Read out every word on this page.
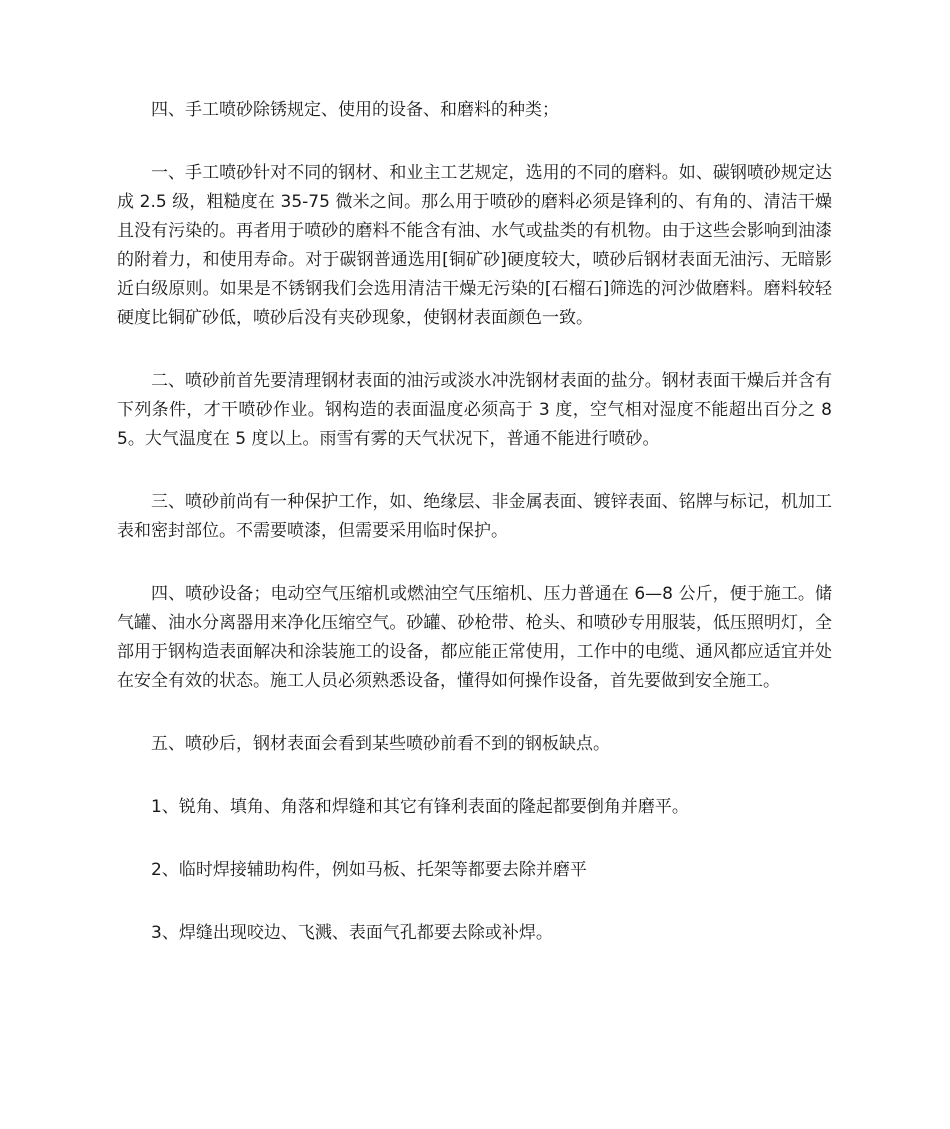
四、手工喷砂除锈规定、使用的设备、和磨料的种类；

一、手工喷砂针对不同的钢材、和业主工艺规定，选用的不同的磨料。如、碳钢喷砂规定达成 2.5 级，粗糙度在 35-75 微米之间。那么用于喷砂的磨料必须是锋利的、有角的、清洁干燥且没有污染的。再者用于喷砂的磨料不能含有油、水气或盐类的有机物。由于这些会影响到油漆的附着力，和使用寿命。对于碳钢普通选用[铜矿砂]硬度较大，喷砂后钢材表面无油污、无暗影近白级原则。如果是不锈钢我们会选用清洁干燥无污染的[石榴石]筛选的河沙做磨料。磨料较轻 硬度比铜矿砂低，喷砂后没有夹砂现象，使钢材表面颜色一致。

二、喷砂前首先要清理钢材表面的油污或淡水冲洗钢材表面的盐分。钢材表面干燥后并含有下列条件，才干喷砂作业。钢构造的表面温度必须高于 3 度，空气相对湿度不能超出百分之 85。大气温度在 5 度以上。雨雪有雾的天气状况下，普通不能进行喷砂。

三、喷砂前尚有一种保护工作，如、绝缘层、非金属表面、镀锌表面、铭牌与标记，机加工表和密封部位。不需要喷漆，但需要采用临时保护。

四、喷砂设备；电动空气压缩机或燃油空气压缩机、压力普通在 6—8 公斤，便于施工。储气罐、油水分离器用来净化压缩空气。砂罐、砂枪带、枪头、和喷砂专用服装，低压照明灯，全部用于钢构造表面解决和涂装施工的设备，都应能正常使用，工作中的电缆、通风都应适宜并处在安全有效的状态。施工人员必须熟悉设备，懂得如何操作设备，首先要做到安全施工。

五、喷砂后，钢材表面会看到某些喷砂前看不到的钢板缺点。

1、锐角、填角、角落和焊缝和其它有锋利表面的隆起都要倒角并磨平。

2、临时焊接辅助构件，例如马板、托架等都要去除并磨平

3、焊缝出现咬边、飞溅、表面气孔都要去除或补焊。
